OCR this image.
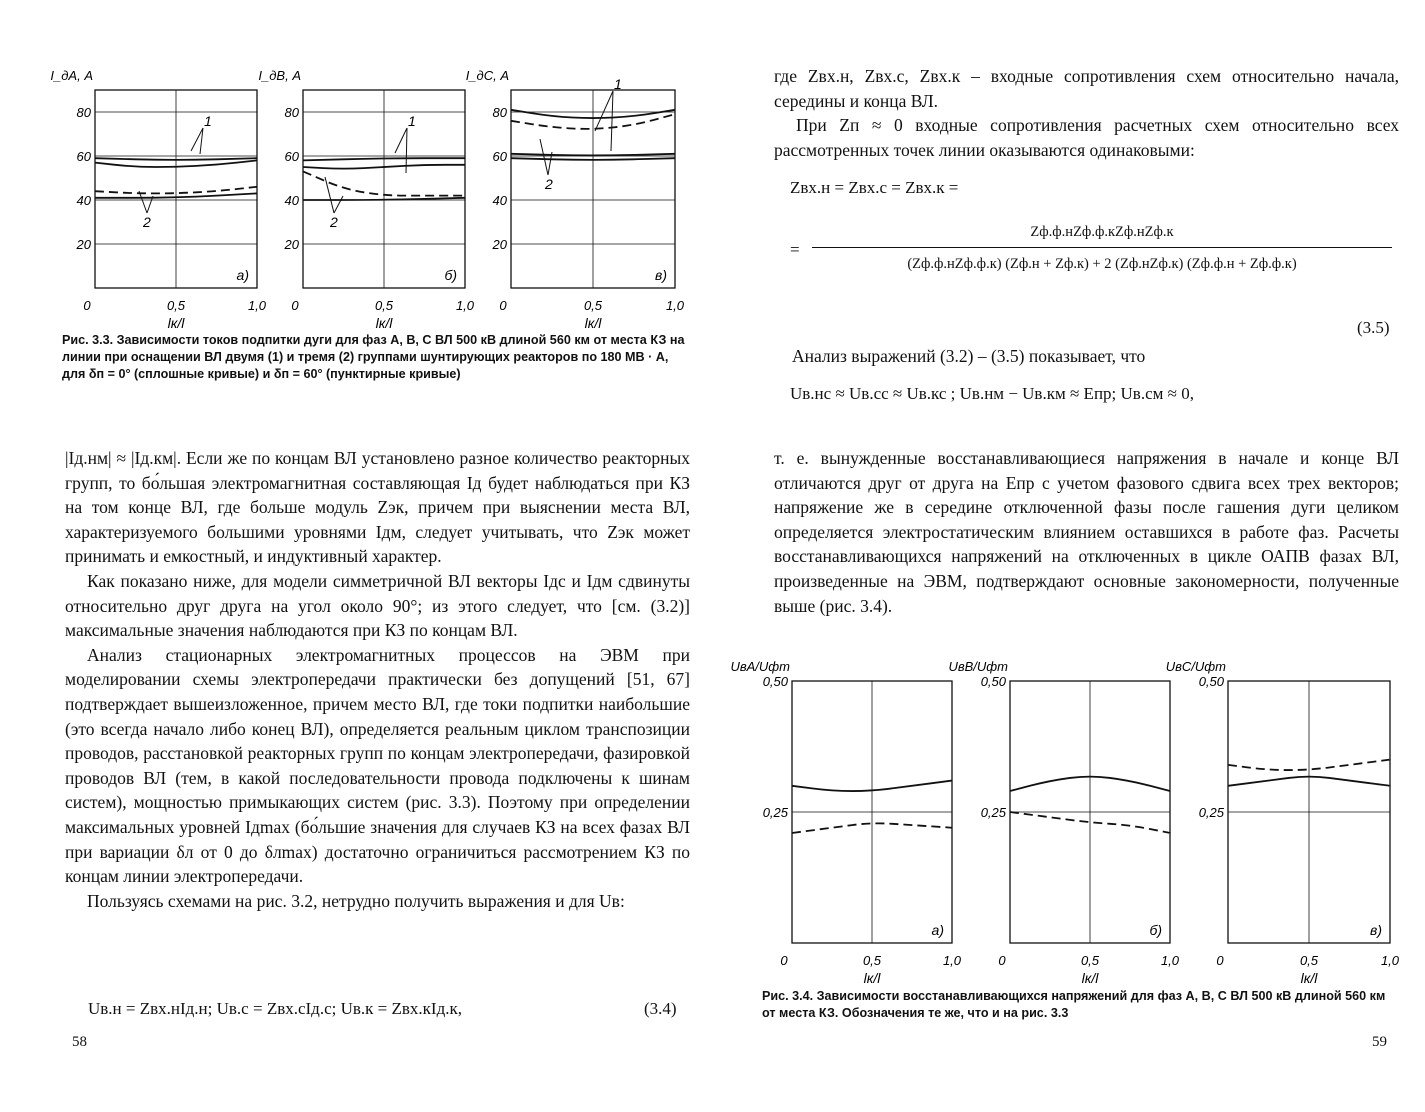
20
40
60
80
0	0,5	1,0
lк/l
I_дA, А
а)
20
40
60
80
0	0,5	1,0
lк/l
I_дB, А
б)
20
40
60
80
0	0,5	1,0
lк/l
I_дC, А
в)
1
2
1
2
1
2
Рис. 3.3. Зависимости токов подпитки дуги для фаз А, В, С ВЛ 500 кВ длиной 560 км от места КЗ на линии при оснащении ВЛ двумя (1) и тремя (2) группами шунтирующих реакторов по 180 МВ · А, для δп = 0° (сплошные кривые) и δп = 60° (пунктирные кривые)

|Iд.нм| ≈ |Iд.км|. Если же по концам ВЛ установлено разное количество реакторных групп, то бо́льшая электромагнитная составляющая Iд будет наблюдаться при КЗ на том конце ВЛ, где больше модуль Zэк, причем при выяснении места ВЛ, характеризуемого большими уровнями Iдм, следует учитывать, что Zэк может принимать и емкостный, и индуктивный характер.

Как показано ниже, для модели симметричной ВЛ векторы Iдс и Iдм сдвинуты относительно друг друга на угол около 90°; из этого следует, что [см. (3.2)] максимальные значения наблюдаются при КЗ по концам ВЛ.

Анализ стационарных электромагнитных процессов на ЭВМ при моделировании схемы электропередачи практически без допущений [51, 67] подтверждает вышеизложенное, причем место ВЛ, где токи подпитки наибольшие (это всегда начало либо конец ВЛ), определяется реальным циклом транспозиции проводов, расстановкой реакторных групп по концам электропередачи, фазировкой проводов ВЛ (тем, в какой последовательности провода подключены к шинам систем), мощностью примыкающих систем (рис. 3.3). Поэтому при определении максимальных уровней Iдmax (бо́льшие значения для случаев КЗ на всех фазах ВЛ при вариации δл от 0 до δлmax) достаточно ограничиться рассмотрением КЗ по концам линии электропередачи.

Пользуясь схемами на рис. 3.2, нетрудно получить выражения и для Uв:

Uв.н = Zвх.нIд.н; Uв.с = Zвх.сIд.с; Uв.к = Zвх.кIд.к,	(3.4)
58

где Zвх.н, Zвх.с, Zвх.к – входные сопротивления схем относительно начала, середины и конца ВЛ.

При Zп ≈ 0 входные сопротивления расчетных схем относительно всех рассмотренных точек линии оказываются одинаковыми:

Zвх.н = Zвх.с = Zвх.к =
=
Zф.ф.нZф.ф.кZф.нZф.к
(Zф.ф.нZф.ф.к) (Zф.н + Zф.к) + 2 (Zф.нZф.к) (Zф.ф.н + Zф.ф.к)
(3.5)
Анализ выражений (3.2) – (3.5) показывает, что
Uв.нс ≈ Uв.сс ≈ Uв.кс ; Uв.нм − Uв.км ≈ Eпр; Uв.см ≈ 0,

т. е. вынужденные восстанавливающиеся напряжения в начале и конце ВЛ отличаются друг от друга на Eпр с учетом фазового сдвига всех трех векторов; напряжение же в середине отключенной фазы после гашения дуги целиком определяется электростатическим влиянием оставшихся в работе фаз. Расчеты восстанавливающихся напряжений на отключенных в цикле ОАПВ фазах ВЛ, произведенные на ЭВМ, подтверждают основные закономерности, полученные выше (рис. 3.4).

0,25
0,50
0	0,5	1,0
lк/l
UвA/Uфm
а)
0,25
0,50
0	0,5	1,0
lк/l
UвB/Uфm
б)
0,25
0,50
0	0,5	1,0
lк/l
UвC/Uфm
в)
Рис. 3.4. Зависимости восстанавливающихся напряжений для фаз А, В, С ВЛ 500 кВ длиной 560 км от места КЗ. Обозначения те же, что и на рис. 3.3
59
